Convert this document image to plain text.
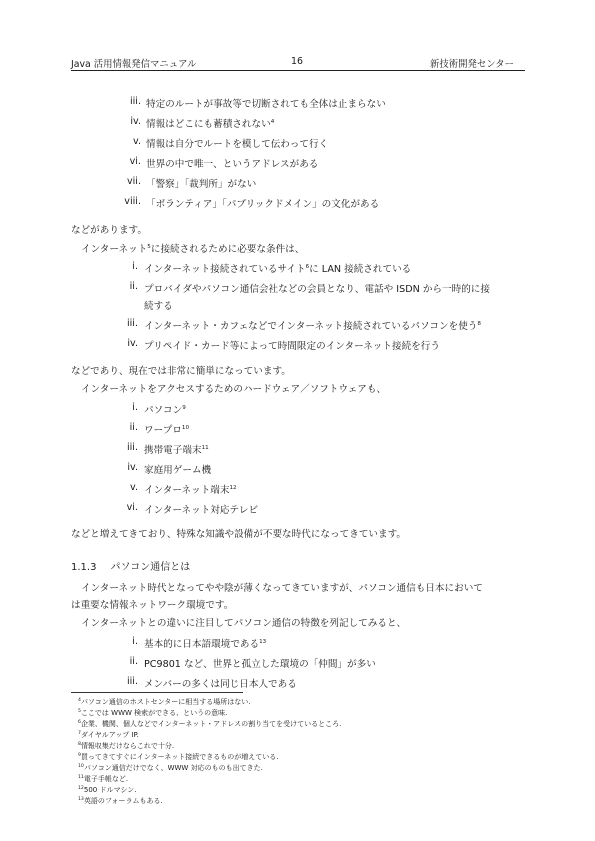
Java 活用情報発信マニュアル	16	新技術開発センター
iii. 特定のルートが事故等で切断されても全体は止まらない
iv. 情報はどこにも蓄積されない$^4$
v. 情報は自分でルートを模して伝わって行く
vi. 世界の中で唯一、というアドレスがある
vii. 「警察」「裁判所」がない
viii. 「ボランティア」「パブリックドメイン」の文化がある
などがあります。
インターネット$^5$に接続されるために必要な条件は、
i. インターネット接続されているサイト$^6$に LAN 接続されている
ii. プロバイダやパソコン通信会社などの会員となり、電話や ISDN から一時的に接
続する
iii. インターネット・カフェなどでインターネット接続されているパソコンを使う$^8$
iv. プリペイド・カード等によって時間限定のインターネット接続を行う
などであり、現在では非常に簡単になっています。
インターネットをアクセスするためのハードウェア／ソフトウェアも、
i. パソコン$^9$
ii. ワープロ$^{10}$
iii. 携帯電子端末$^{11}$
iv. 家庭用ゲーム機
v. インターネット端末$^{12}$
vi. インターネット対応テレビ
などと増えてきており、特殊な知識や設備が不要な時代になってきています。
1.1.3 パソコン通信とは
インターネット時代となってやや陰が薄くなってきていますが、パソコン通信も日本において
は重要な情報ネットワーク環境です。
インターネットとの違いに注目してパソコン通信の特徴を列記してみると、
i. 基本的に日本語環境である$^{13}$
ii. PC9801 など、世界と孤立した環境の「仲間」が多い
iii. メンバーの多くは同じ日本人である
$^4$パソコン通信のホストセンターに相当する場所はない.
$^5$ここでは WWW 検索ができる、というの意味.
$^6$企業、機関、個人などでインターネット・アドレスの割り当てを受けているところ.
$^7$ダイヤルアップ IP.
$^8$情報収集だけならこれで十分.
$^9$買ってきてすぐにインターネット接続できるものが増えている.
$^{10}$パソコン通信だけでなく、WWW 対応のものも出てきた.
$^{11}$電子手帳など.
$^{12}$500 ドルマシン.
$^{13}$英語のフォーラムもある.
